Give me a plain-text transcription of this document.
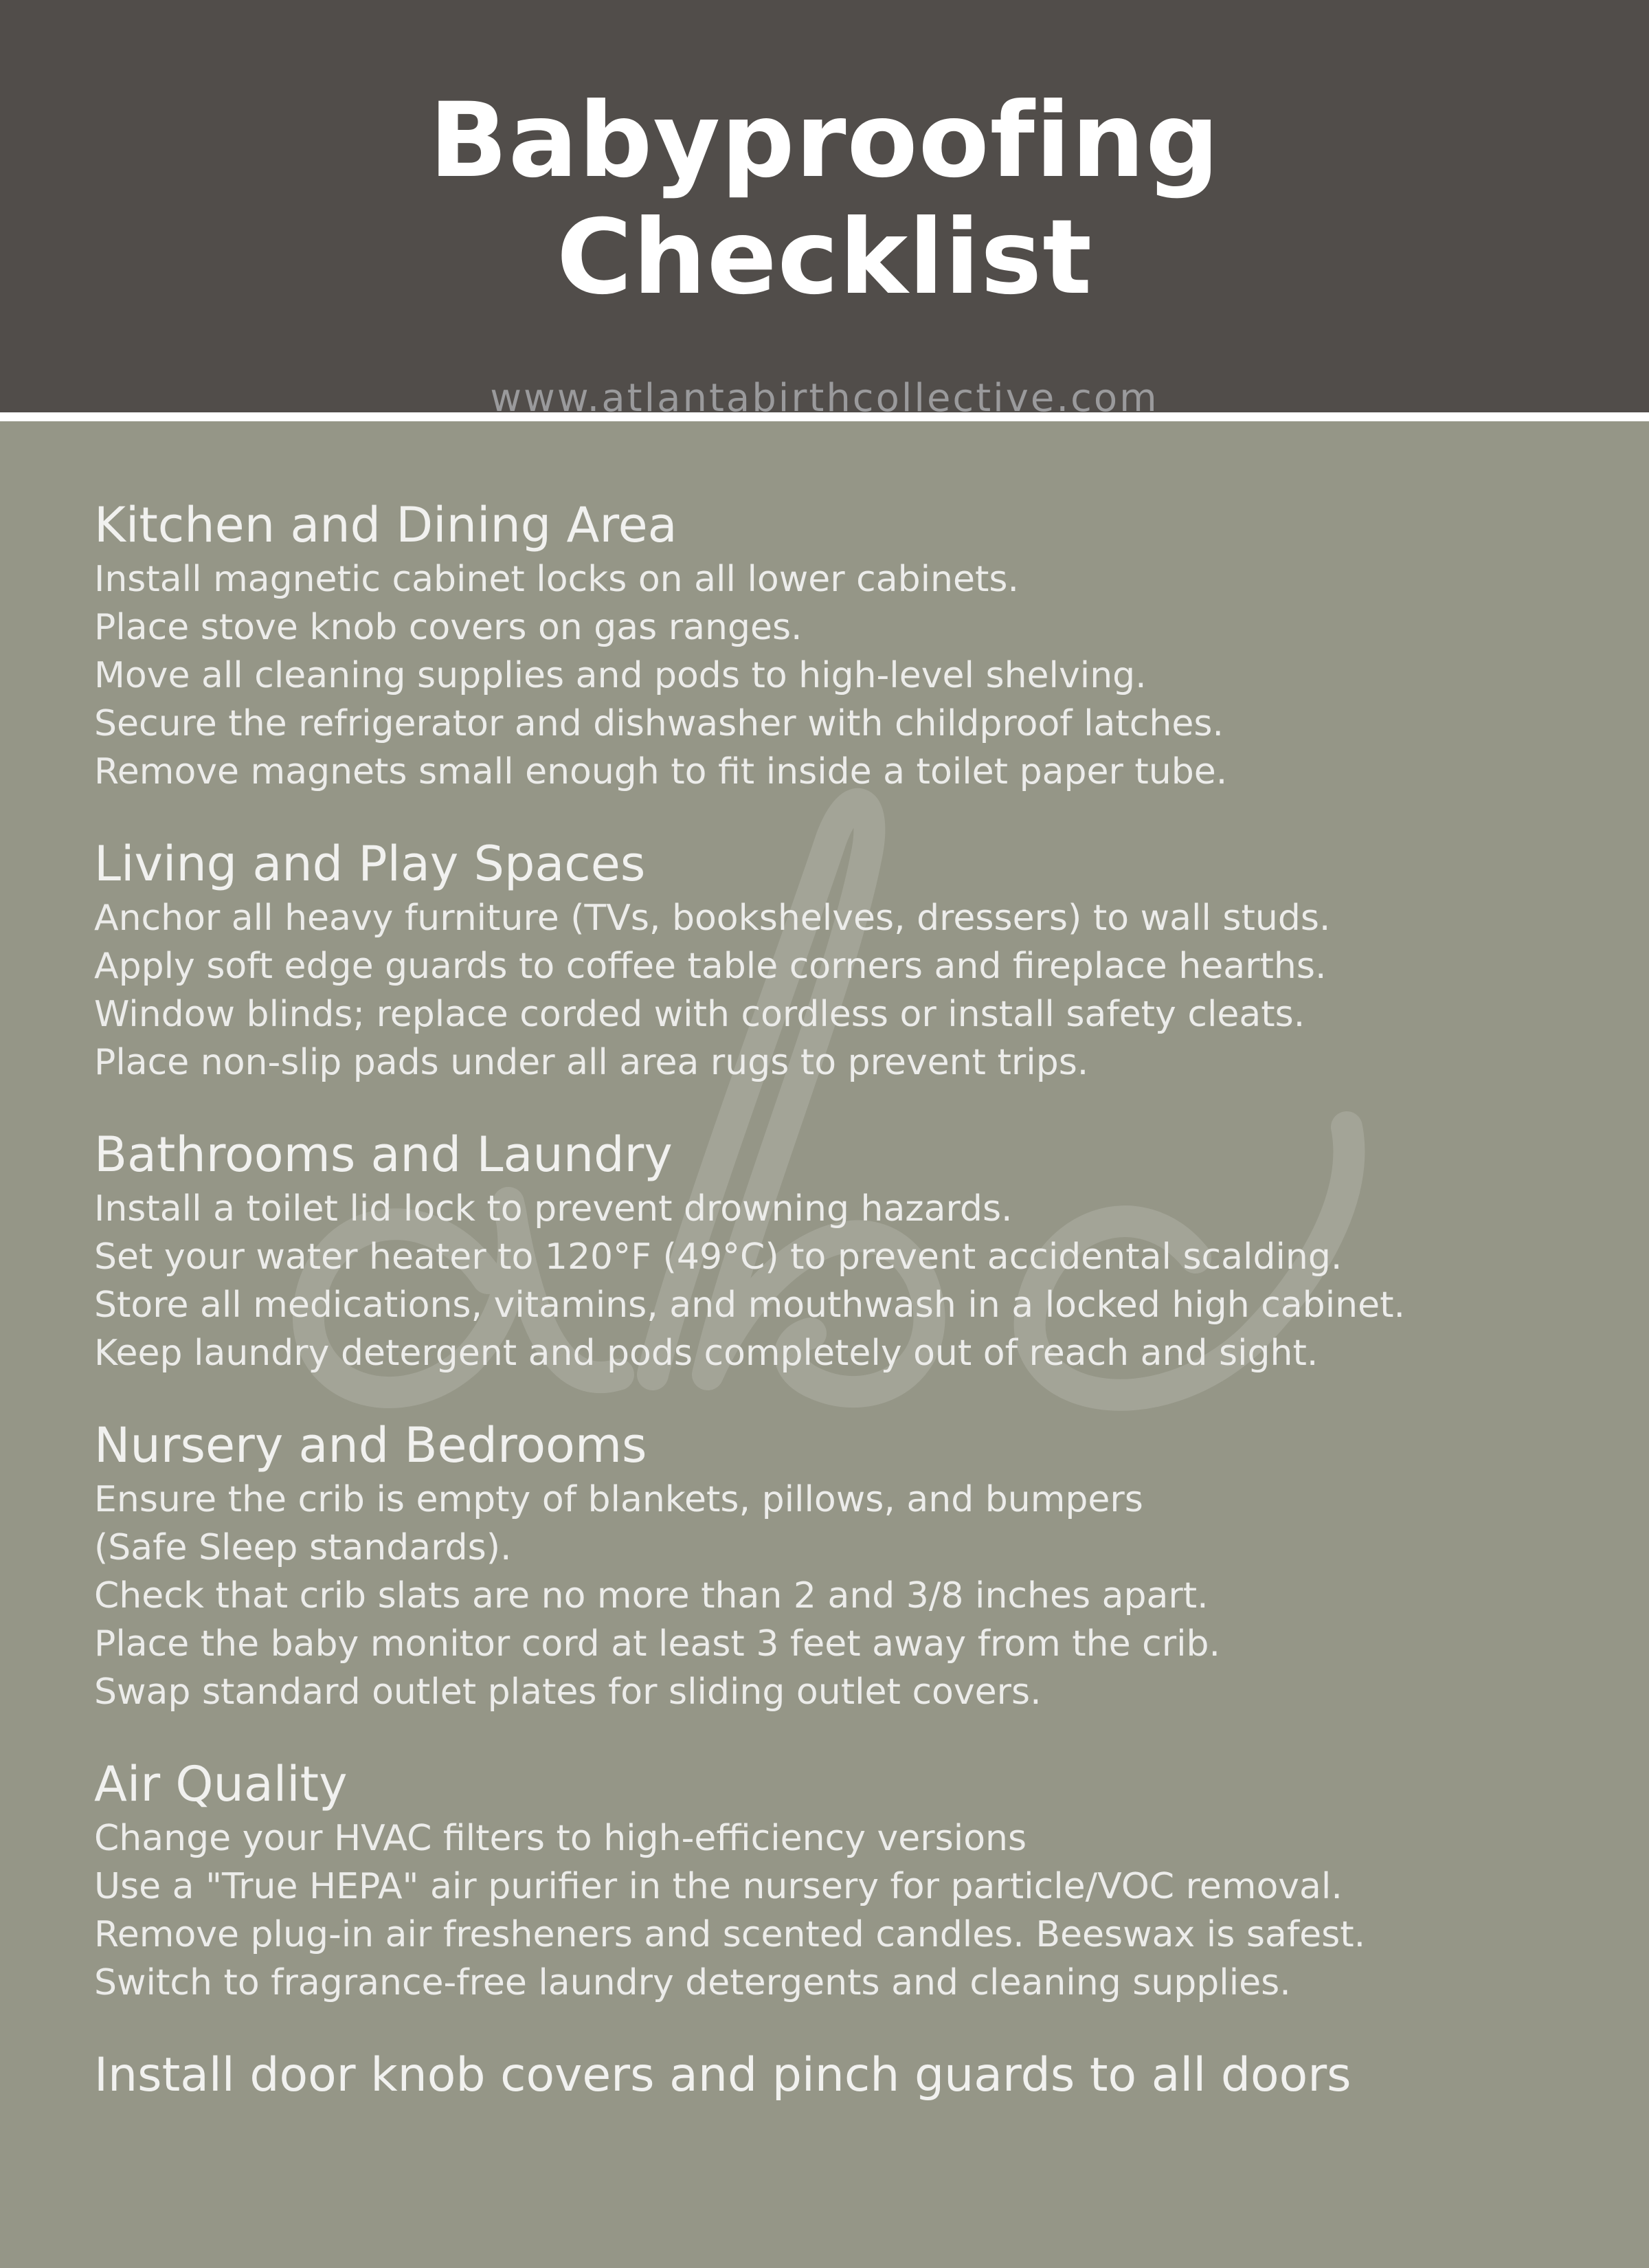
Babyproofing
Checklist
www.atlantabirthcollective.com
Kitchen and Dining Area
Install magnetic cabinet locks on all lower cabinets.
Place stove knob covers on gas ranges.
Move all cleaning supplies and pods to high-level shelving.
Secure the refrigerator and dishwasher with childproof latches.
Remove magnets small enough to fit inside a toilet paper tube.
Living and Play Spaces
Anchor all heavy furniture (TVs, bookshelves, dressers) to wall studs.
Apply soft edge guards to coffee table corners and fireplace hearths.
Window blinds; replace corded with cordless or install safety cleats.
Place non-slip pads under all area rugs to prevent trips.
Bathrooms and Laundry
Install a toilet lid lock to prevent drowning hazards.
Set your water heater to 120°F (49°C) to prevent accidental scalding.
Store all medications, vitamins, and mouthwash in a locked high cabinet.
Keep laundry detergent and pods completely out of reach and sight.
Nursery and Bedrooms
Ensure the crib is empty of blankets, pillows, and bumpers
(Safe Sleep standards).
Check that crib slats are no more than 2 and 3/8 inches apart.
Place the baby monitor cord at least 3 feet away from the crib.
Swap standard outlet plates for sliding outlet covers.
Air Quality
Change your HVAC filters to high-efficiency versions
Use a "True HEPA" air purifier in the nursery for particle/VOC removal.
Remove plug-in air fresheners and scented candles. Beeswax is safest.
Switch to fragrance-free laundry detergents and cleaning supplies.
Install door knob covers and pinch guards to all doors
